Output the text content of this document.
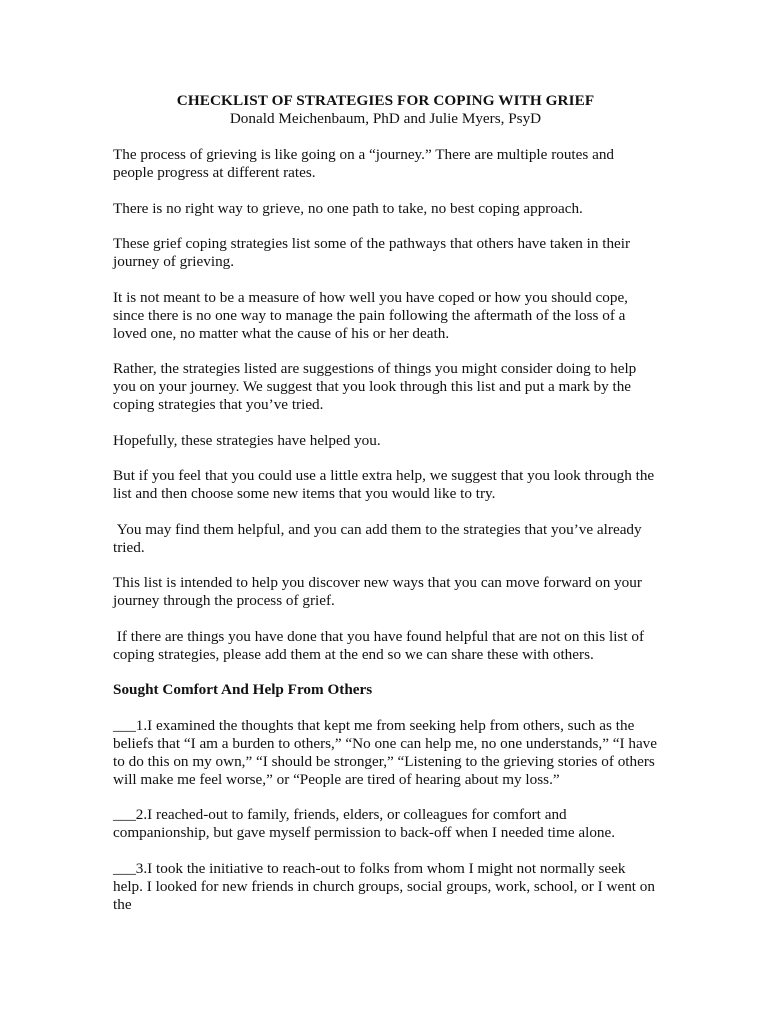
CHECKLIST OF STRATEGIES FOR COPING WITH GRIEF
Donald Meichenbaum, PhD and Julie Myers, PsyD

The process of grieving is like going on a “journey.” There are multiple routes and people progress at different rates.

There is no right way to grieve, no one path to take, no best coping approach.

These grief coping strategies list some of the pathways that others have taken in their journey of grieving.

It is not meant to be a measure of how well you have coped or how you should cope, since there is no one way to manage the pain following the aftermath of the loss of a loved one, no matter what the cause of his or her death.

Rather, the strategies listed are suggestions of things you might consider doing to help you on your journey. We suggest that you look through this list and put a mark by the coping strategies that you’ve tried.

Hopefully, these strategies have helped you.

But if you feel that you could use a little extra help, we suggest that you look through the list and then choose some new items that you would like to try.

You may find them helpful, and you can add them to the strategies that you’ve already tried.

This list is intended to help you discover new ways that you can move forward on your journey through the process of grief.

If there are things you have done that you have found helpful that are not on this list of coping strategies, please add them at the end so we can share these with others.

Sought Comfort And Help From Others

___1.I examined the thoughts that kept me from seeking help from others, such as the beliefs that “I am a burden to others,” “No one can help me, no one understands,” “I have to do this on my own,” “I should be stronger,” “Listening to the grieving stories of others will make me feel worse,” or “People are tired of hearing about my loss.”

___2.I reached-out to family, friends, elders, or colleagues for comfort and companionship, but gave myself permission to back-off when I needed time alone.

___3.I took the initiative to reach-out to folks from whom I might not normally seek help. I looked for new friends in church groups, social groups, work, school, or I went on the
